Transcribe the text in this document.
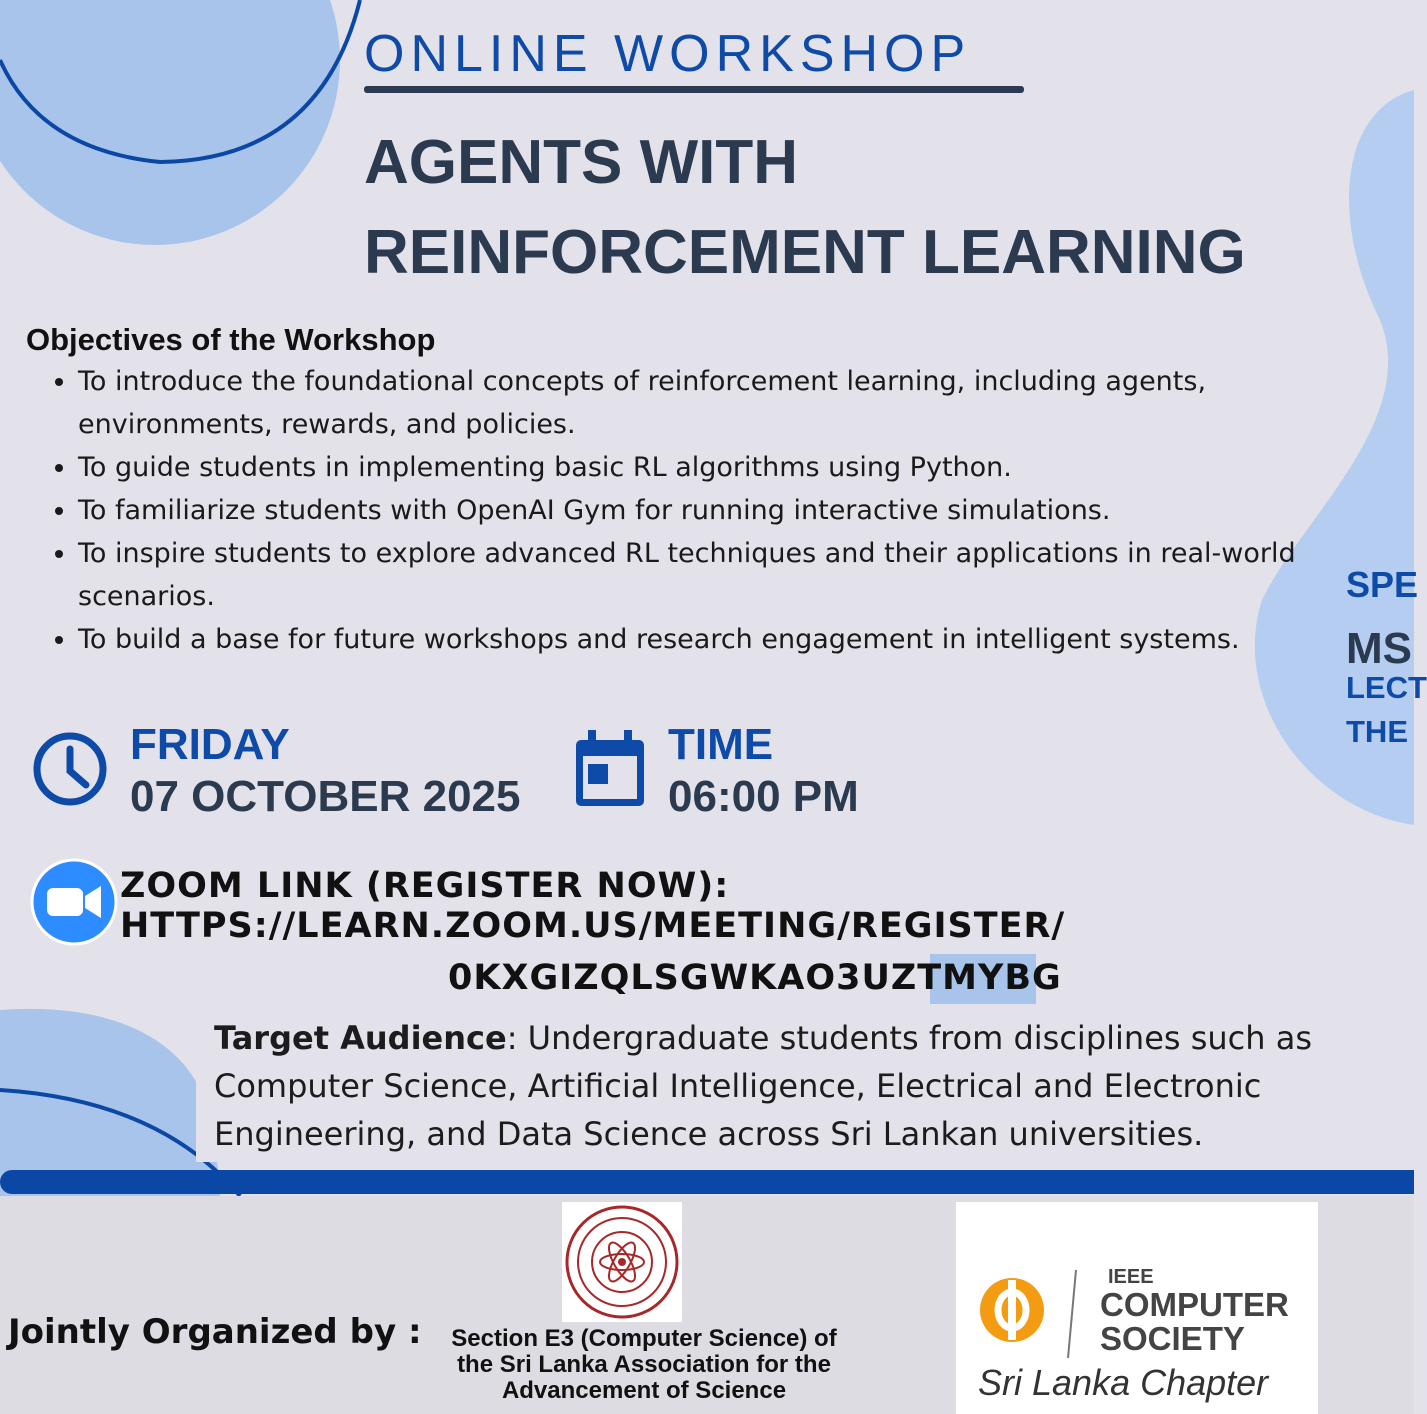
ONLINE WORKSHOP
AGENTS WITH
REINFORCEMENT LEARNING
Objectives of the Workshop
• To introduce the foundational concepts of reinforcement learning, including agents, environments, rewards, and policies.
• To guide students in implementing basic RL algorithms using Python.
• To familiarize students with OpenAI Gym for running interactive simulations.
• To inspire students to explore advanced RL techniques and their applications in real-world scenarios.
• To build a base for future workshops and research engagement in intelligent systems.
FRIDAY
07 OCTOBER 2025
TIME
06:00 PM
ZOOM LINK (REGISTER NOW):
HTTPS://LEARN.ZOOM.US/MEETING/REGISTER/
0KXGIZQLSGWKAO3UZTMYBG
Target Audience: Undergraduate students from disciplines such as Computer Science, Artificial Intelligence, Electrical and Electronic Engineering, and Data Science across Sri Lankan universities.
SPE
MS
LECT
THE
Jointly Organized by :	Section E3 (Computer Science) of
the Sri Lanka Association for the
Advancement of Science
IEEE
COMPUTER
SOCIETY
Sri Lanka Chapter
